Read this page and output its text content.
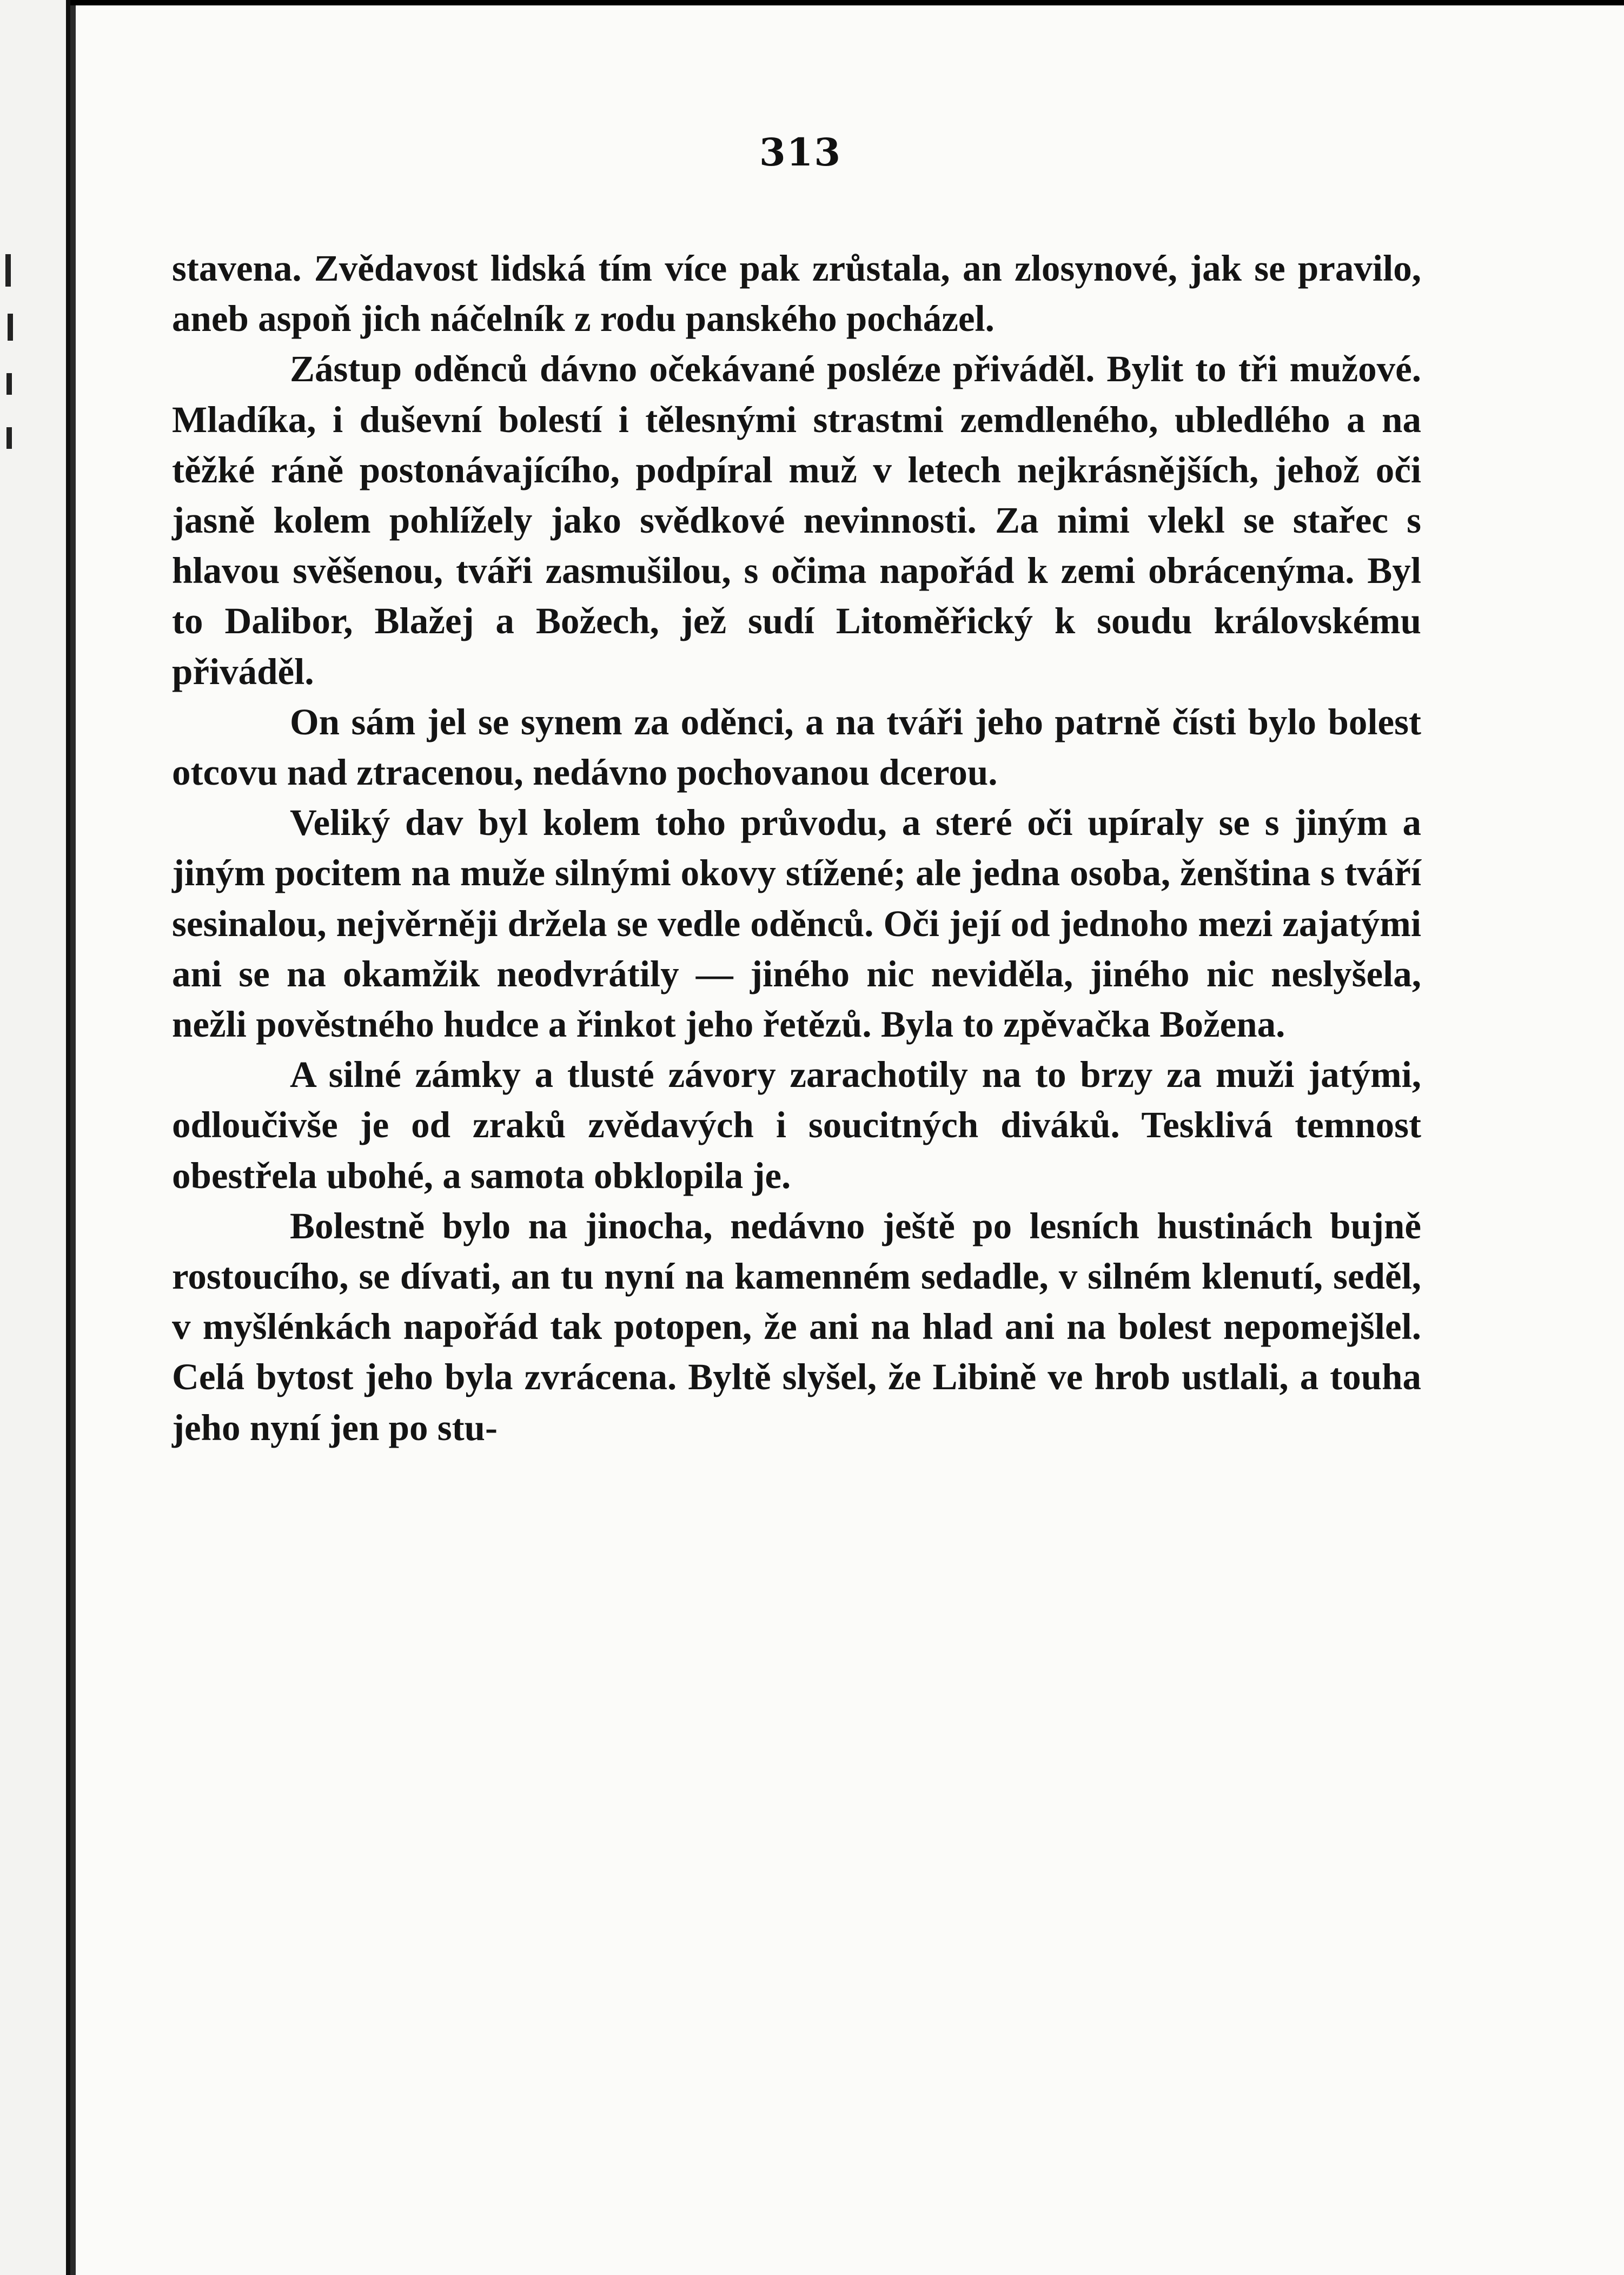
313

stavena. Zvědavost lidská tím více pak zrůstala, an zlosynové, jak se pravilo, aneb aspoň jich náčelník z rodu panského pocházel.

Zástup oděnců dávno očekávané posléze přiváděl. Bylit to tři mužové. Mladíka, i duševní bolestí i tělesnými strastmi zemdleného, ubledlého a na těžké ráně postonávajícího, podpíral muž v letech nejkrásnějších, jehož oči jasně kolem pohlížely jako svědkové nevinnosti. Za nimi vlekl se stařec s hlavou svěšenou, tváři zasmušilou, s očima napořád k zemi obrácenýma. Byl to Dalibor, Blažej a Božech, jež sudí Litoměřický k soudu královskému přiváděl.

On sám jel se synem za oděnci, a na tváři jeho patrně čísti bylo bolest otcovu nad ztracenou, nedávno pochovanou dcerou.

Veliký dav byl kolem toho průvodu, a steré oči upíraly se s jiným a jiným pocitem na muže silnými okovy stížené; ale jedna osoba, ženština s tváří sesinalou, nejvěrněji držela se vedle oděnců. Oči její od jednoho mezi zajatými ani se na okamžik neodvrátily — jiného nic neviděla, jiného nic neslyšela, nežli pověstného hudce a řinkot jeho řetězů. Byla to zpěvačka Božena.

A silné zámky a tlusté závory zarachotily na to brzy za muži jatými, odloučivše je od zraků zvědavých i soucitných diváků. Tesklivá temnost obestřela ubohé, a samota obklopila je.

Bolestně bylo na jinocha, nedávno ještě po lesních hustinách bujně rostoucího, se dívati, an tu nyní na kamenném sedadle, v silném klenutí, seděl, v myšlénkách napořád tak potopen, že ani na hlad ani na bolest nepomejšlel. Celá bytost jeho byla zvrácena. Byltě slyšel, že Libině ve hrob ustlali, a touha jeho nyní jen po stu-
